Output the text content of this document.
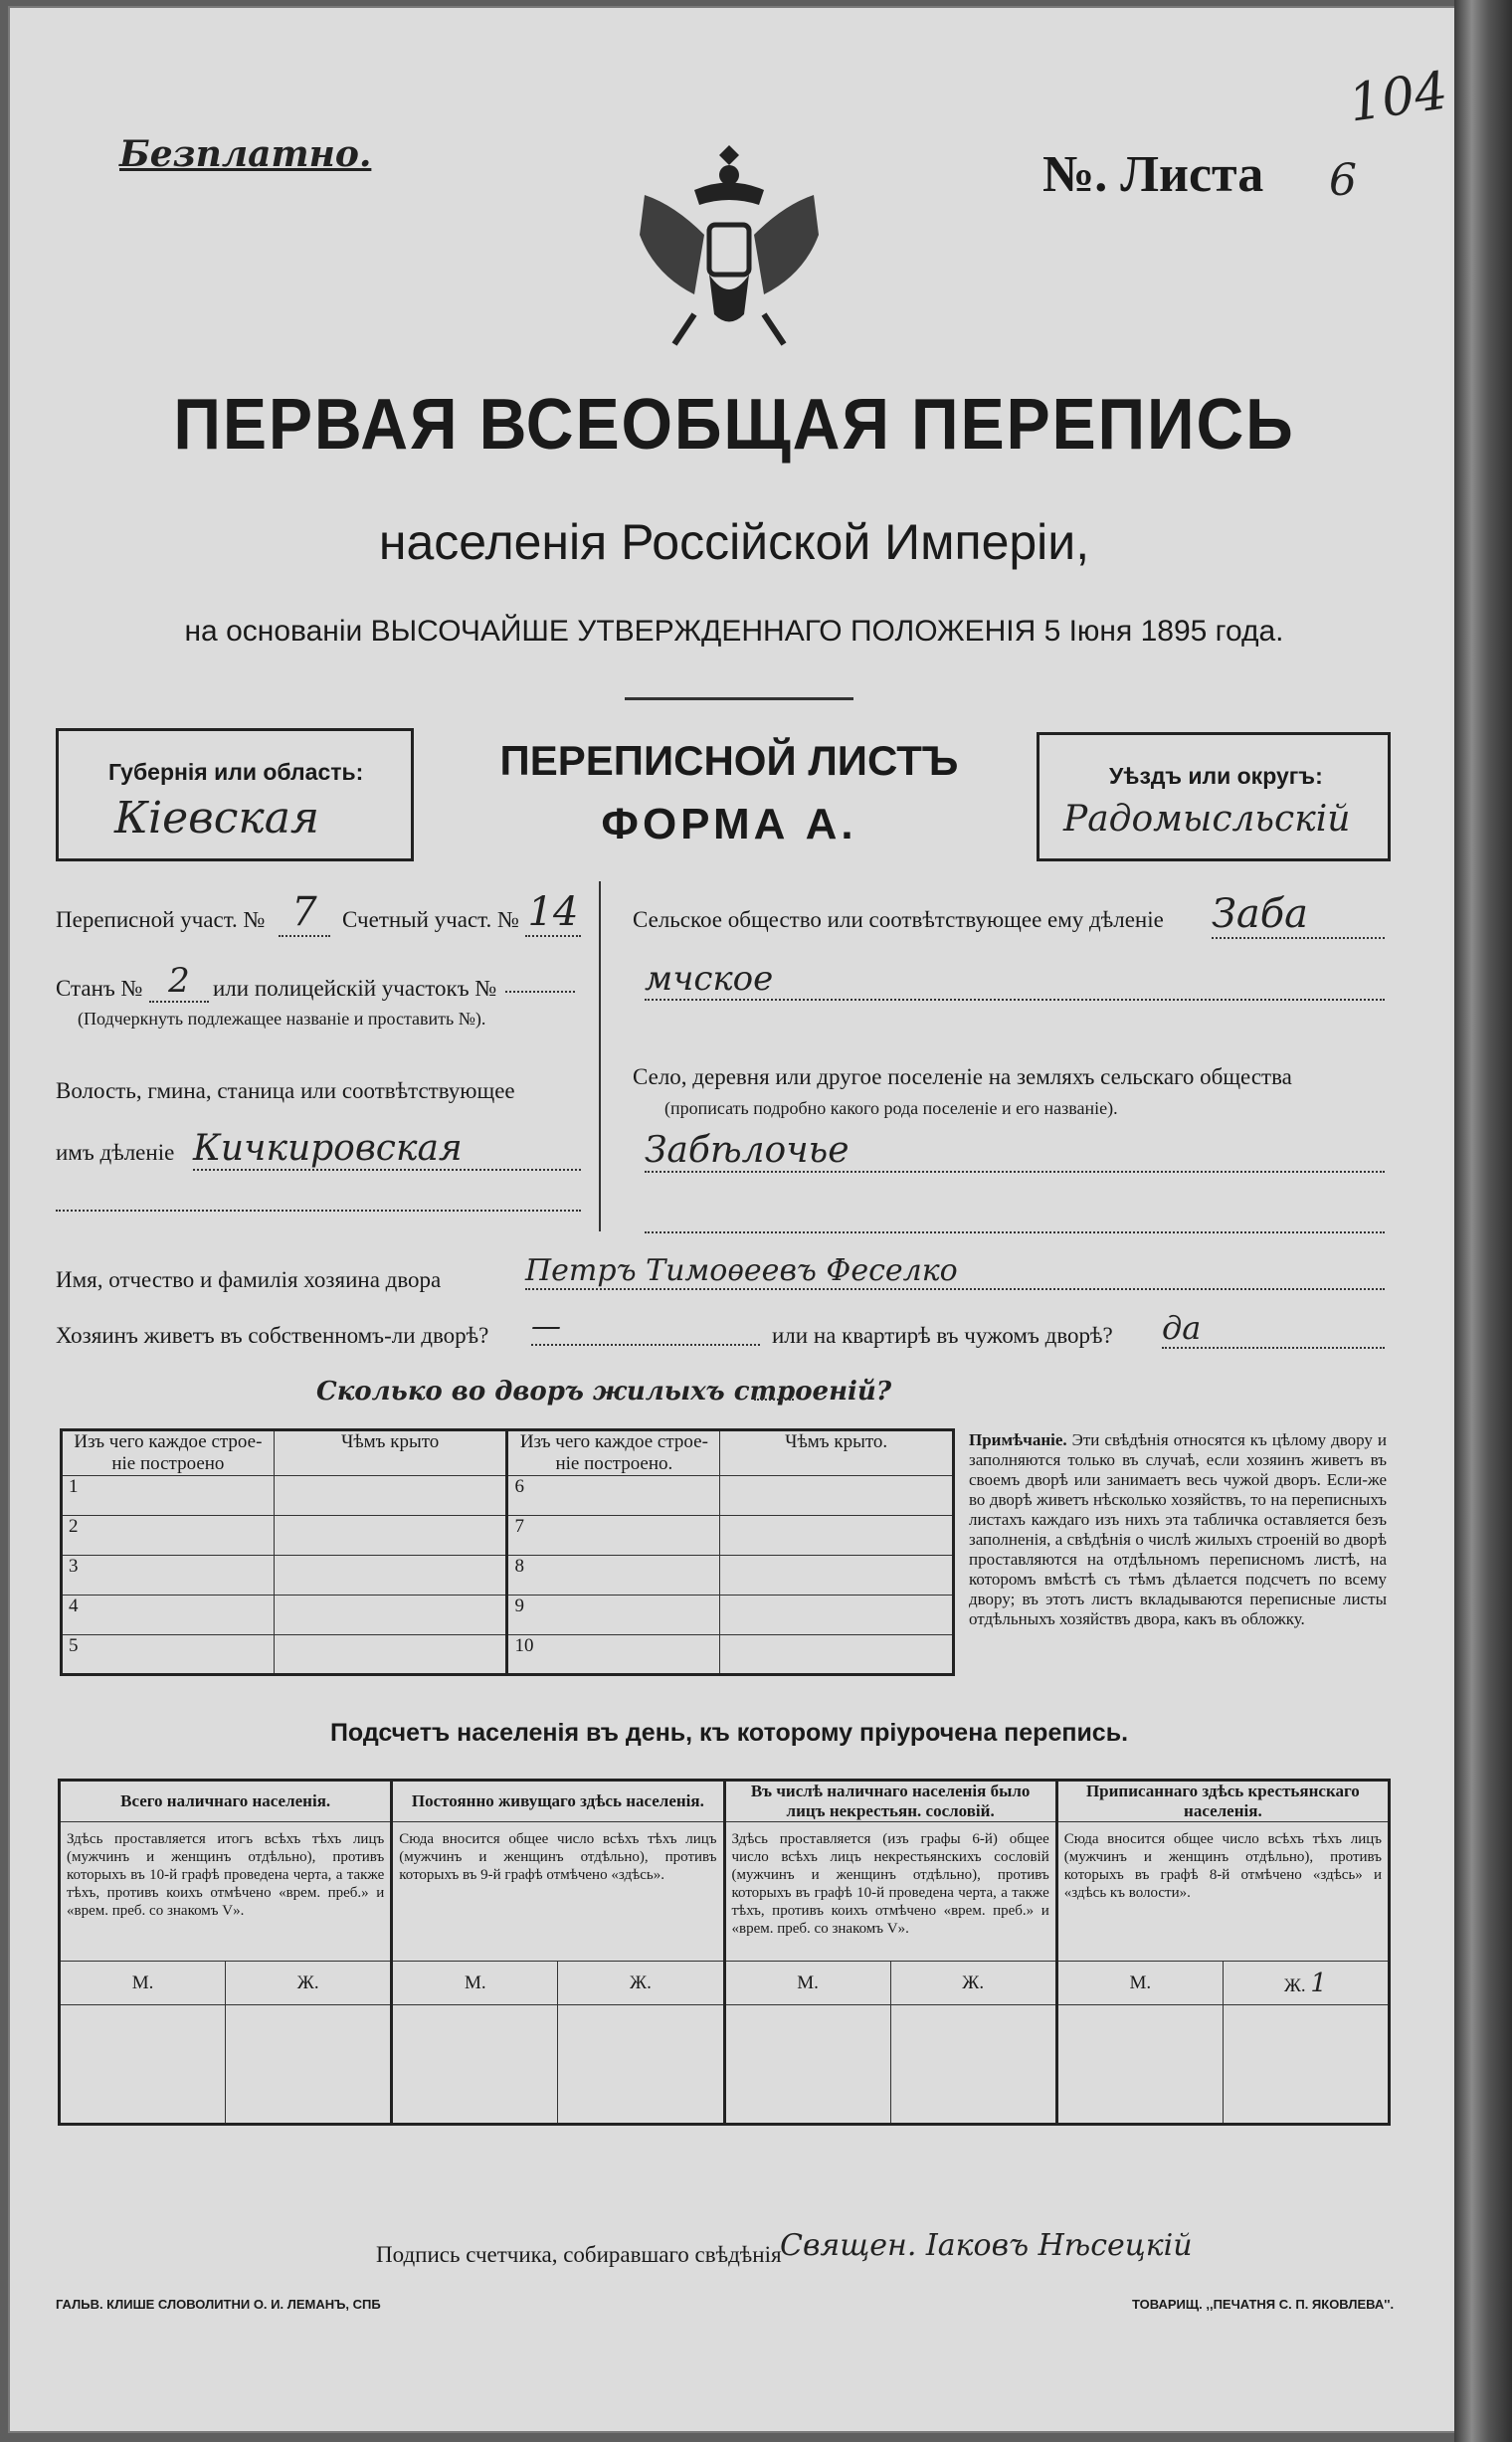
Безплатно.	№. Листа 6
104
ПЕРВАЯ ВСЕОБЩАЯ ПЕРЕПИСЬ
населенія Россійской Имперіи,
на основаніи ВЫСОЧАЙШЕ УТВЕРЖДЕННАГО ПОЛОЖЕНІЯ 5 Іюня 1895 года.
Губернія или область:
Кіевская
ПЕРЕПИСНОЙ ЛИСТЪ
ФОРМА А.
Уѣздъ или округъ:
Радомысльскій
Переписной участ. № 7	Счетный участ. № 14
Станъ № 2	или полицейскій участокъ №
(Подчеркнуть подлежащее названіе и проставить №).
Волость, гмина, станица или соотвѣтствующее
имъ дѣленіе Кичкировская
Сельское общество или соотвѣтствующее ему дѣленіе Заба
мчское
Село, деревня или другое поселеніе на земляхъ сельскаго общества
(прописать подробно какого рода поселеніе и его названіе).
Забѣлочье
Имя, отчество и фамилія хозяина двора	Петръ Тимоѳеевъ Феселко
Хозяинъ живетъ въ собственномъ-ли дворѣ? —	или на квартирѣ въ чужомъ дворѣ? да
Сколько во дворъ жилыхъ строеній?
Изъ чего каждое строе-ніе построено	Чѣмъ крыто	Изъ чего каждое строе-ніе построено.	Чѣмъ крыто.
1		6	
2		7	
3		8	
4		9	
5		10	
Примѣчаніе. Эти свѣдѣнія относятся къ цѣлому двору и заполняются только въ случаѣ, если хозяинъ живетъ въ своемъ дворѣ или занимаетъ весь чужой дворъ. Если-же во дворѣ живетъ нѣсколько хозяйствъ, то на переписныхъ листахъ каждаго изъ нихъ эта табличка оставляется безъ заполненія, а свѣдѣнія о числѣ жилыхъ строеній во дворѣ проставляются на отдѣльномъ переписномъ листѣ, на которомъ вмѣстѣ съ тѣмъ дѣлается подсчетъ по всему двору; въ этотъ листъ вкладываются переписные листы отдѣльныхъ хозяйствъ двора, какъ въ обложку.
Подсчетъ населенія въ день, къ которому пріурочена перепись.
Всего наличнаго населенія.		Постоянно живущаго здѣсь населенія.		Въ числѣ наличнаго населенія было лицъ некрестьян. сословій.		Приписаннаго здѣсь крестьянскаго населенія.	
Здѣсь проставляется итогъ всѣхъ тѣхъ лицъ (мужчинъ и женщинъ отдѣльно), противъ которыхъ въ 10-й графѣ проведена черта, а также тѣхъ, противъ коихъ отмѣчено «врем. преб.» и «врем. преб. со знакомъ V».		Сюда вносится общее число всѣхъ тѣхъ лицъ (мужчинъ и женщинъ отдѣльно), противъ которыхъ въ 9-й графѣ отмѣчено «здѣсь».		Здѣсь проставляется (изъ графы 6-й) общее число всѣхъ лицъ некрестьянскихъ сословій (мужчинъ и женщинъ отдѣльно), противъ которыхъ въ графѣ 10-й проведена черта, а также тѣхъ, противъ коихъ отмѣчено «врем. преб.» и «врем. преб. со знакомъ V».		Сюда вносится общее число всѣхъ тѣхъ лицъ (мужчинъ и женщинъ отдѣльно), противъ которыхъ въ графѣ 8-й отмѣчено «здѣсь» и «здѣсь къ волости».	
М.	Ж.	М.	Ж.	М.	Ж.	М.	Ж. 1

Подпись счетчика, собиравшаго свѣдѣнія
Священ. Іаковъ Нѣсецкій
ГАЛЬВ. КЛИШЕ СЛОВОЛИТНИ О. И. ЛЕМАНЪ, СПБ	ТОВАРИЩ. ,,ПЕЧАТНЯ С. П. ЯКОВЛЕВА''.
